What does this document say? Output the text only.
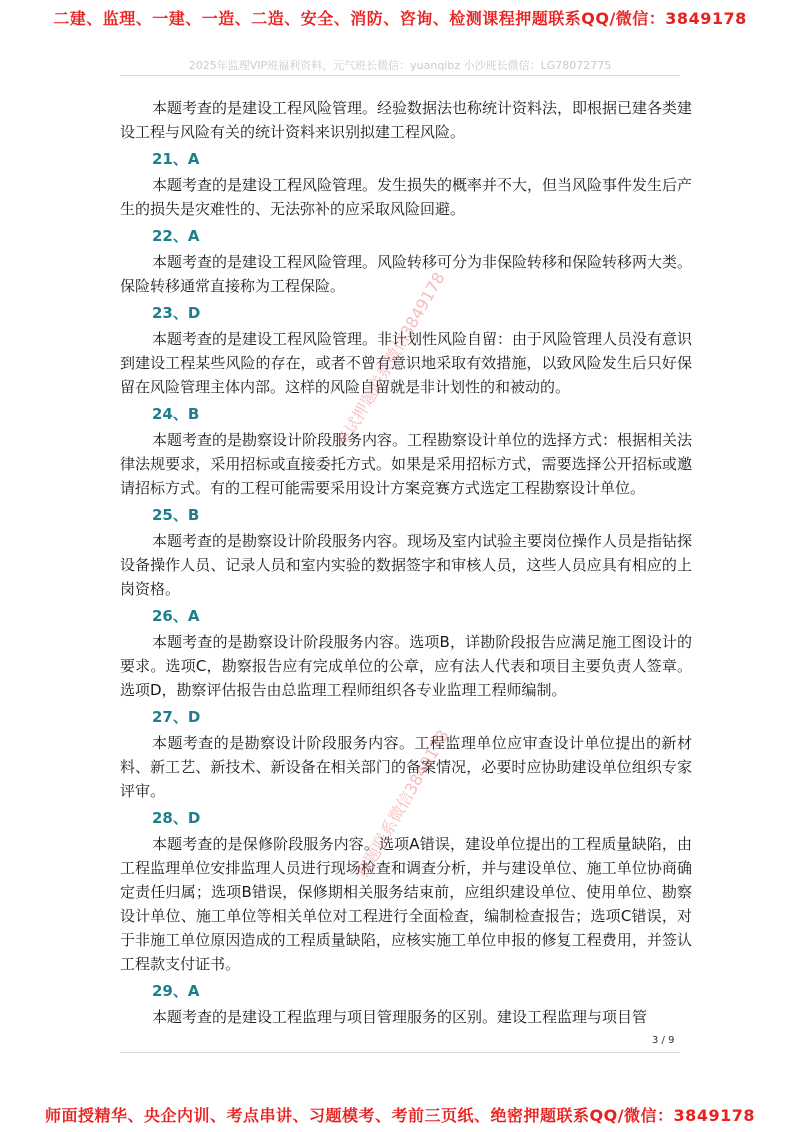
二建、监理、一建、一造、二造、安全、消防、咨询、检测课程押题联系QQ/微信：3849178
2025年监理VIP班福利资料，元气班长微信：yuanqibz 小沙班长微信：LG78072775

本题考查的是建设工程风险管理。经验数据法也称统计资料法，即根据已建各类建设工程与风险有关的统计资料来识别拟建工程风险。

21、A

本题考查的是建设工程风险管理。发生损失的概率并不大，但当风险事件发生后产生的损失是灾难性的、无法弥补的应采取风险回避。

22、A

本题考查的是建设工程风险管理。风险转移可分为非保险转移和保险转移两大类。保险转移通常直接称为工程保险。

23、D

本题考查的是建设工程风险管理。非计划性风险自留：由于风险管理人员没有意识到建设工程某些风险的存在，或者不曾有意识地采取有效措施，以致风险发生后只好保留在风险管理主体内部。这样的风险自留就是非计划性的和被动的。

24、B

本题考查的是勘察设计阶段服务内容。工程勘察设计单位的选择方式：根据相关法律法规要求，采用招标或直接委托方式。如果是采用招标方式，需要选择公开招标或邀请招标方式。有的工程可能需要采用设计方案竞赛方式选定工程勘察设计单位。

25、B

本题考查的是勘察设计阶段服务内容。现场及室内试验主要岗位操作人员是指钻探设备操作人员、记录人员和室内实验的数据签字和审核人员，这些人员应具有相应的上岗资格。

26、A

本题考查的是勘察设计阶段服务内容。选项B，详勘阶段报告应满足施工图设计的要求。选项C，勘察报告应有完成单位的公章，应有法人代表和项目主要负责人签章。选项D，勘察评估报告由总监理工程师组织各专业监理工程师编制。

27、D

本题考查的是勘察设计阶段服务内容。工程监理单位应审查设计单位提出的新材料、新工艺、新技术、新设备在相关部门的备案情况，必要时应协助建设单位组织专家评审。

28、D

本题考查的是保修阶段服务内容。选项A错误，建设单位提出的工程质量缺陷，由工程监理单位安排监理人员进行现场检查和调查分析，并与建设单位、施工单位协商确定责任归属；选项B错误，保修期相关服务结束前，应组织建设单位、使用单位、勘察设计单位、施工单位等相关单位对工程进行全面检查，编制检查报告；选项C错误，对于非施工单位原因造成的工程质量缺陷，应核实施工单位申报的修复工程费用，并签认工程款支付证书。

29、A

本题考查的是建设工程监理与项目管理服务的区别。建设工程监理与项目管

考试押题联系微信3849178
押题联系微信3849178
3 / 9
师面授精华、央企内训、考点串讲、习题模考、考前三页纸、绝密押题联系QQ/微信：3849178
